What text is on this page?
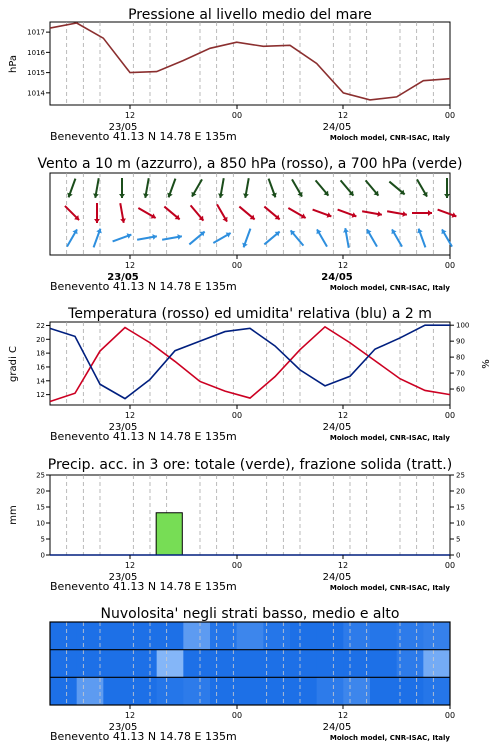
Pressione al livello medio del mare
1014
1015
1016
1017
hPa
12	00	12	00
23/05	24/05
Benevento 41.13 N 14.78 E 135m	Moloch model, CNR-ISAC, Italy
Vento a 10 m (azzurro), a 850 hPa (rosso), a 700 hPa (verde)
12	00	12	00
23/05	24/05
Benevento 41.13 N 14.78 E 135m	Moloch model, CNR-ISAC, Italy
Temperatura (rosso) ed umidita' relativa (blu) a 2 m
12
14
16
18
20
22
60
70
80
90
100
gradi C	%
12	00	12	00
23/05	24/05
Benevento 41.13 N 14.78 E 135m	Moloch model, CNR-ISAC, Italy
Precip. acc. in 3 ore: totale (verde), frazione solida (tratt.)
0	0
5	5
10	10
15	15
20	20
25	25
mm
12	00	12	00
23/05	24/05
Benevento 41.13 N 14.78 E 135m	Moloch model, CNR-ISAC, Italy
Nuvolosita' negli strati basso, medio e alto
12	00	12	00
23/05	24/05
Benevento 41.13 N 14.78 E 135m	Moloch model, CNR-ISAC, Italy
